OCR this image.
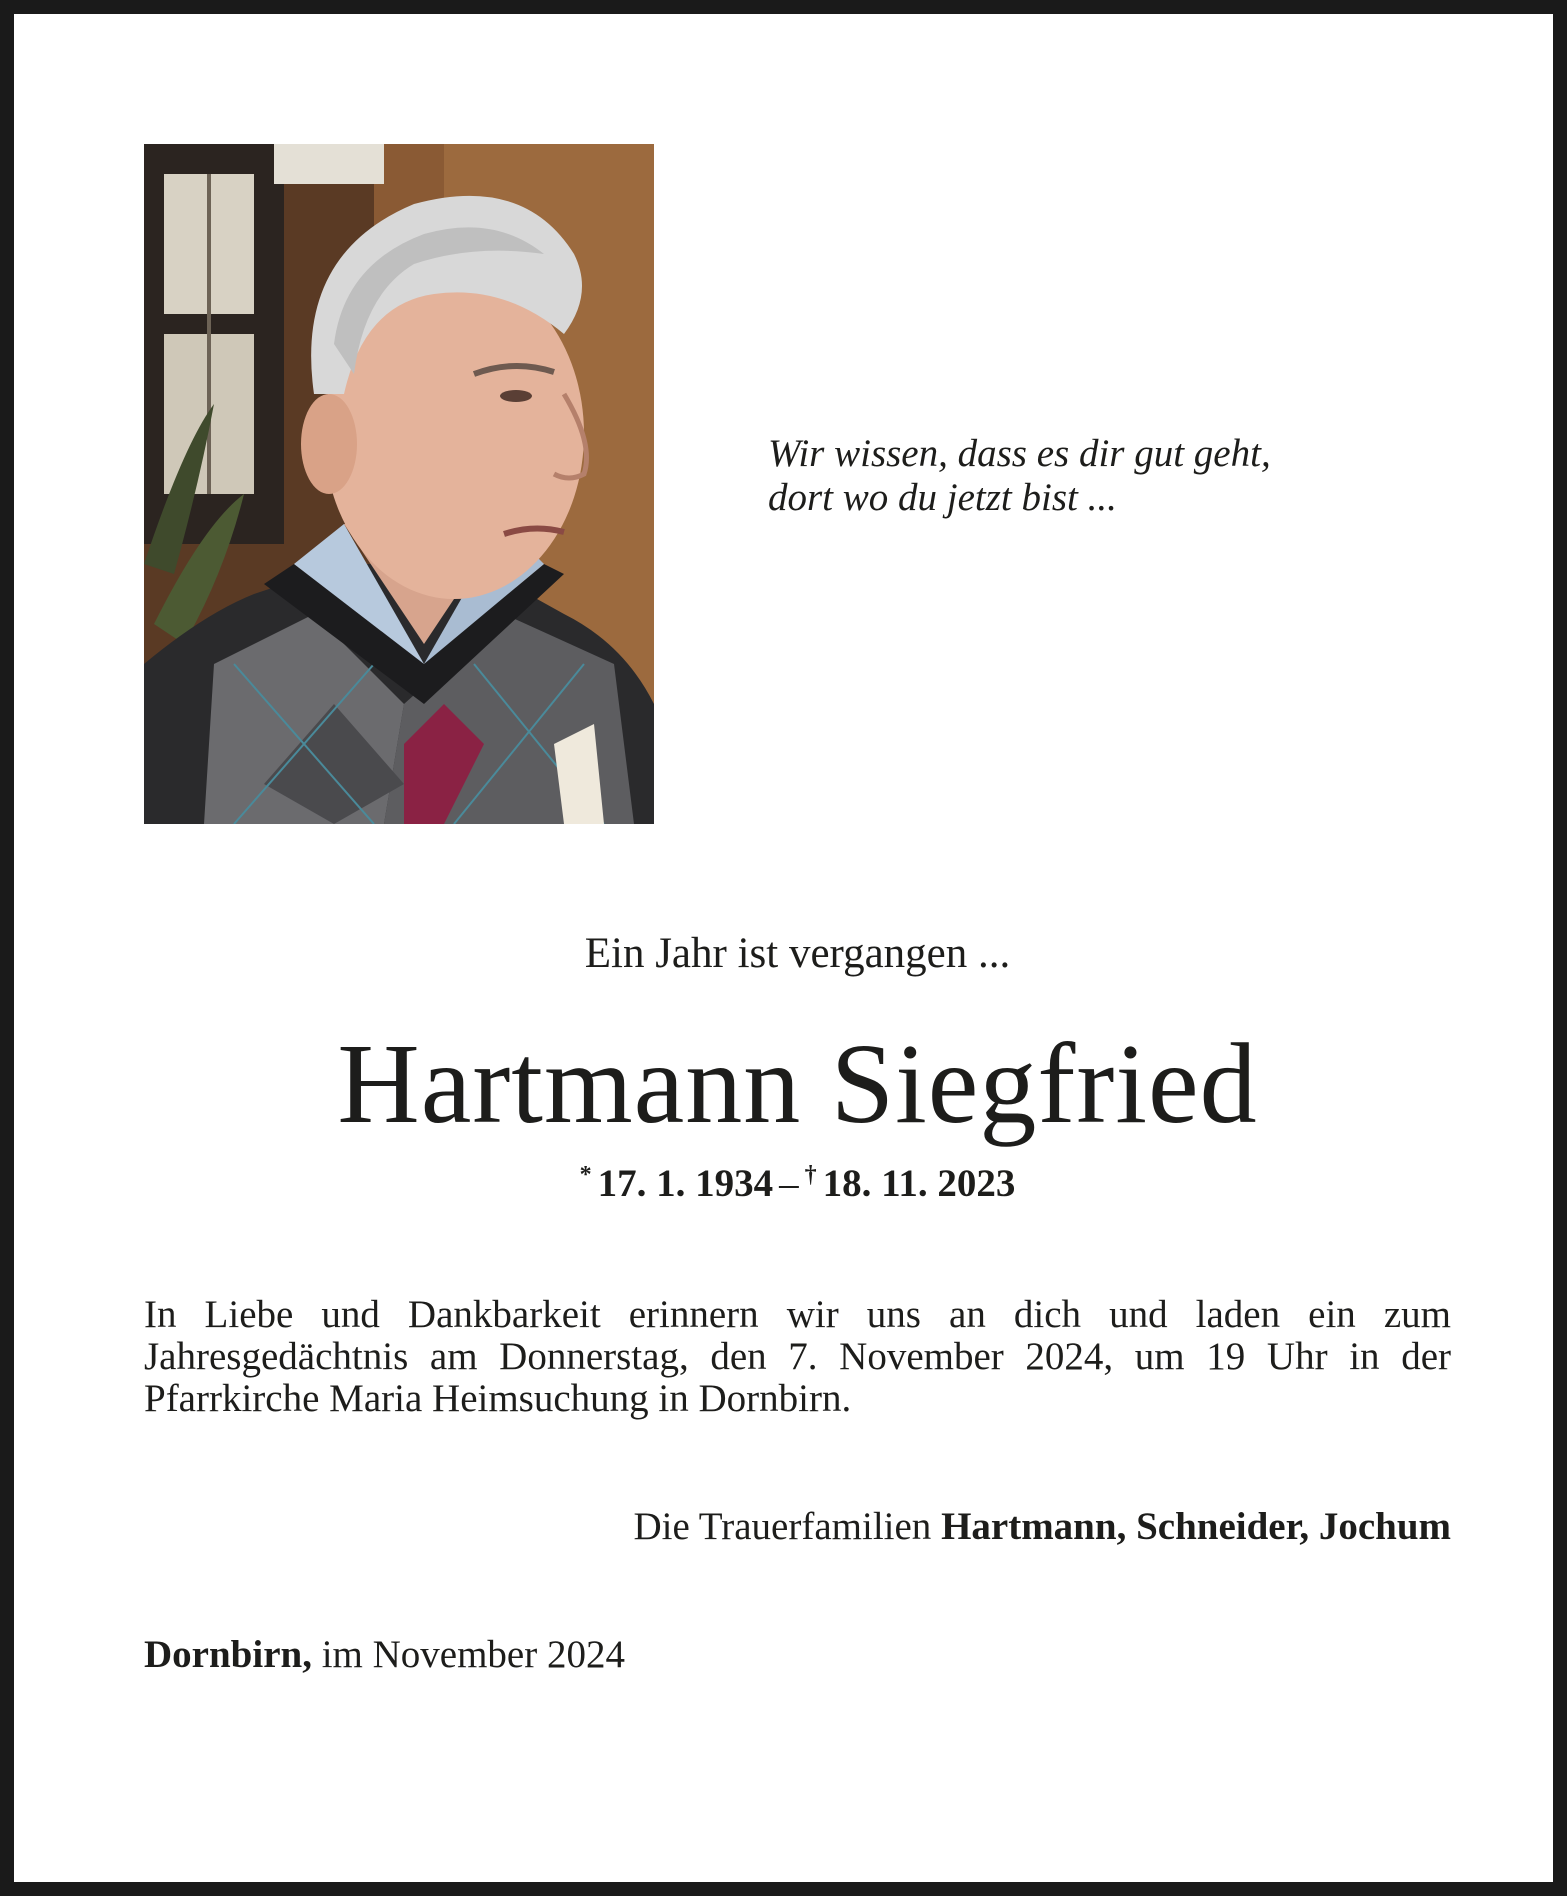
Wir wissen, dass es dir gut geht,
dort wo du jetzt bist ...
Ein Jahr ist vergangen ...
Hartmann Siegfried
* 17. 1. 1934 – † 18. 11. 2023
In Liebe und Dankbarkeit erinnern wir uns an dich und laden ein zum
Jahresgedächtnis am Donnerstag, den 7. November 2024, um 19 Uhr in der
Pfarrkirche Maria Heimsuchung in Dornbirn.
Die Trauerfamilien Hartmann, Schneider, Jochum
Dornbirn, im November 2024
